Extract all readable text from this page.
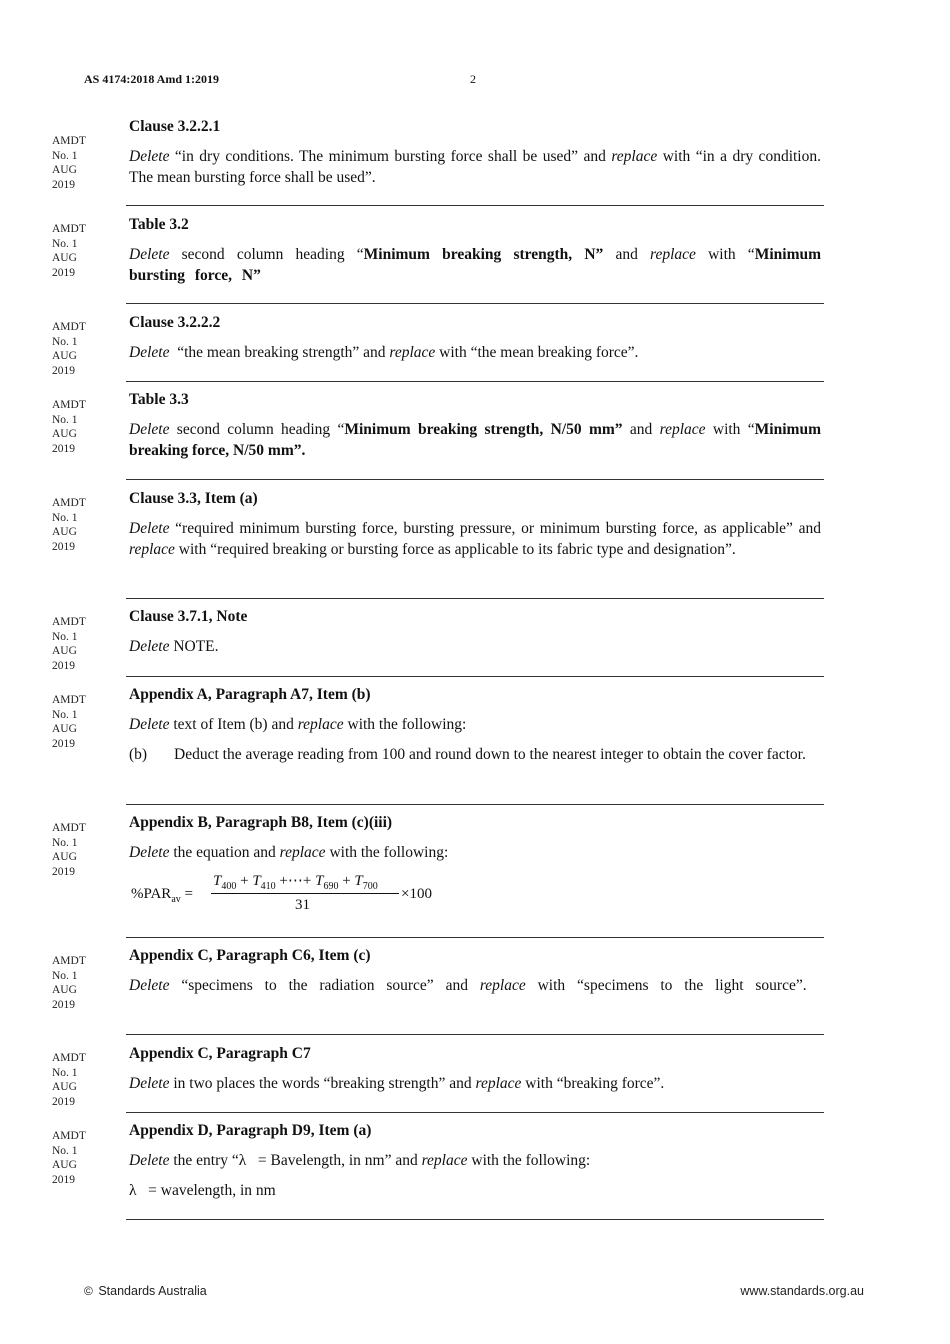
AS 4174:2018 Amd 1:2019	2
AMDT
No. 1
AUG
2019

Clause 3.2.2.1

Delete “in dry conditions. The minimum bursting force shall be used” and replace with “in a dry condition. The mean bursting force shall be used”.

AMDT
No. 1
AUG
2019

Table 3.2

Delete second column heading “Minimum breaking strength, N” and replace with “Minimum bursting force, N”

AMDT
No. 1
AUG
2019

Clause 3.2.2.2

Delete  “the mean breaking strength” and replace with “the mean breaking force”.

AMDT
No. 1
AUG
2019

Table 3.3

Delete second column heading “Minimum breaking strength, N/50 mm” and replace with “Minimum breaking force, N/50 mm”.

AMDT
No. 1
AUG
2019

Clause 3.3, Item (a)

Delete “required minimum bursting force, bursting pressure, or minimum bursting force, as applicable” and replace with “required breaking or bursting force as applicable to its fabric type and designation”.

AMDT
No. 1
AUG
2019

Clause 3.7.1, Note

Delete NOTE.

AMDT
No. 1
AUG
2019

Appendix A, Paragraph A7, Item (b)

Delete text of Item (b) and replace with the following:

(b) Deduct the average reading from 100 and round down to the nearest integer to obtain the cover factor.
AMDT
No. 1
AUG
2019

Appendix B, Paragraph B8, Item (c)(iii)

Delete the equation and replace with the following:

$\%PAR_{av}$ =
$T_{400} + T_{410}$ +⋯+ $T_{690} + T_{700}$
31
×100
AMDT
No. 1
AUG
2019

Appendix C, Paragraph C6, Item (c)

Delete “specimens to the radiation source” and replace with “specimens to the light source”.

AMDT
No. 1
AUG
2019

Appendix C, Paragraph C7

Delete in two places the words “breaking strength” and replace with “breaking force”.

AMDT
No. 1
AUG
2019

Appendix D, Paragraph D9, Item (a)

Delete the entry “λ   = Bavelength, in nm” and replace with the following:

λ   = wavelength, in nm

© Standards Australia	www.standards.org.au
